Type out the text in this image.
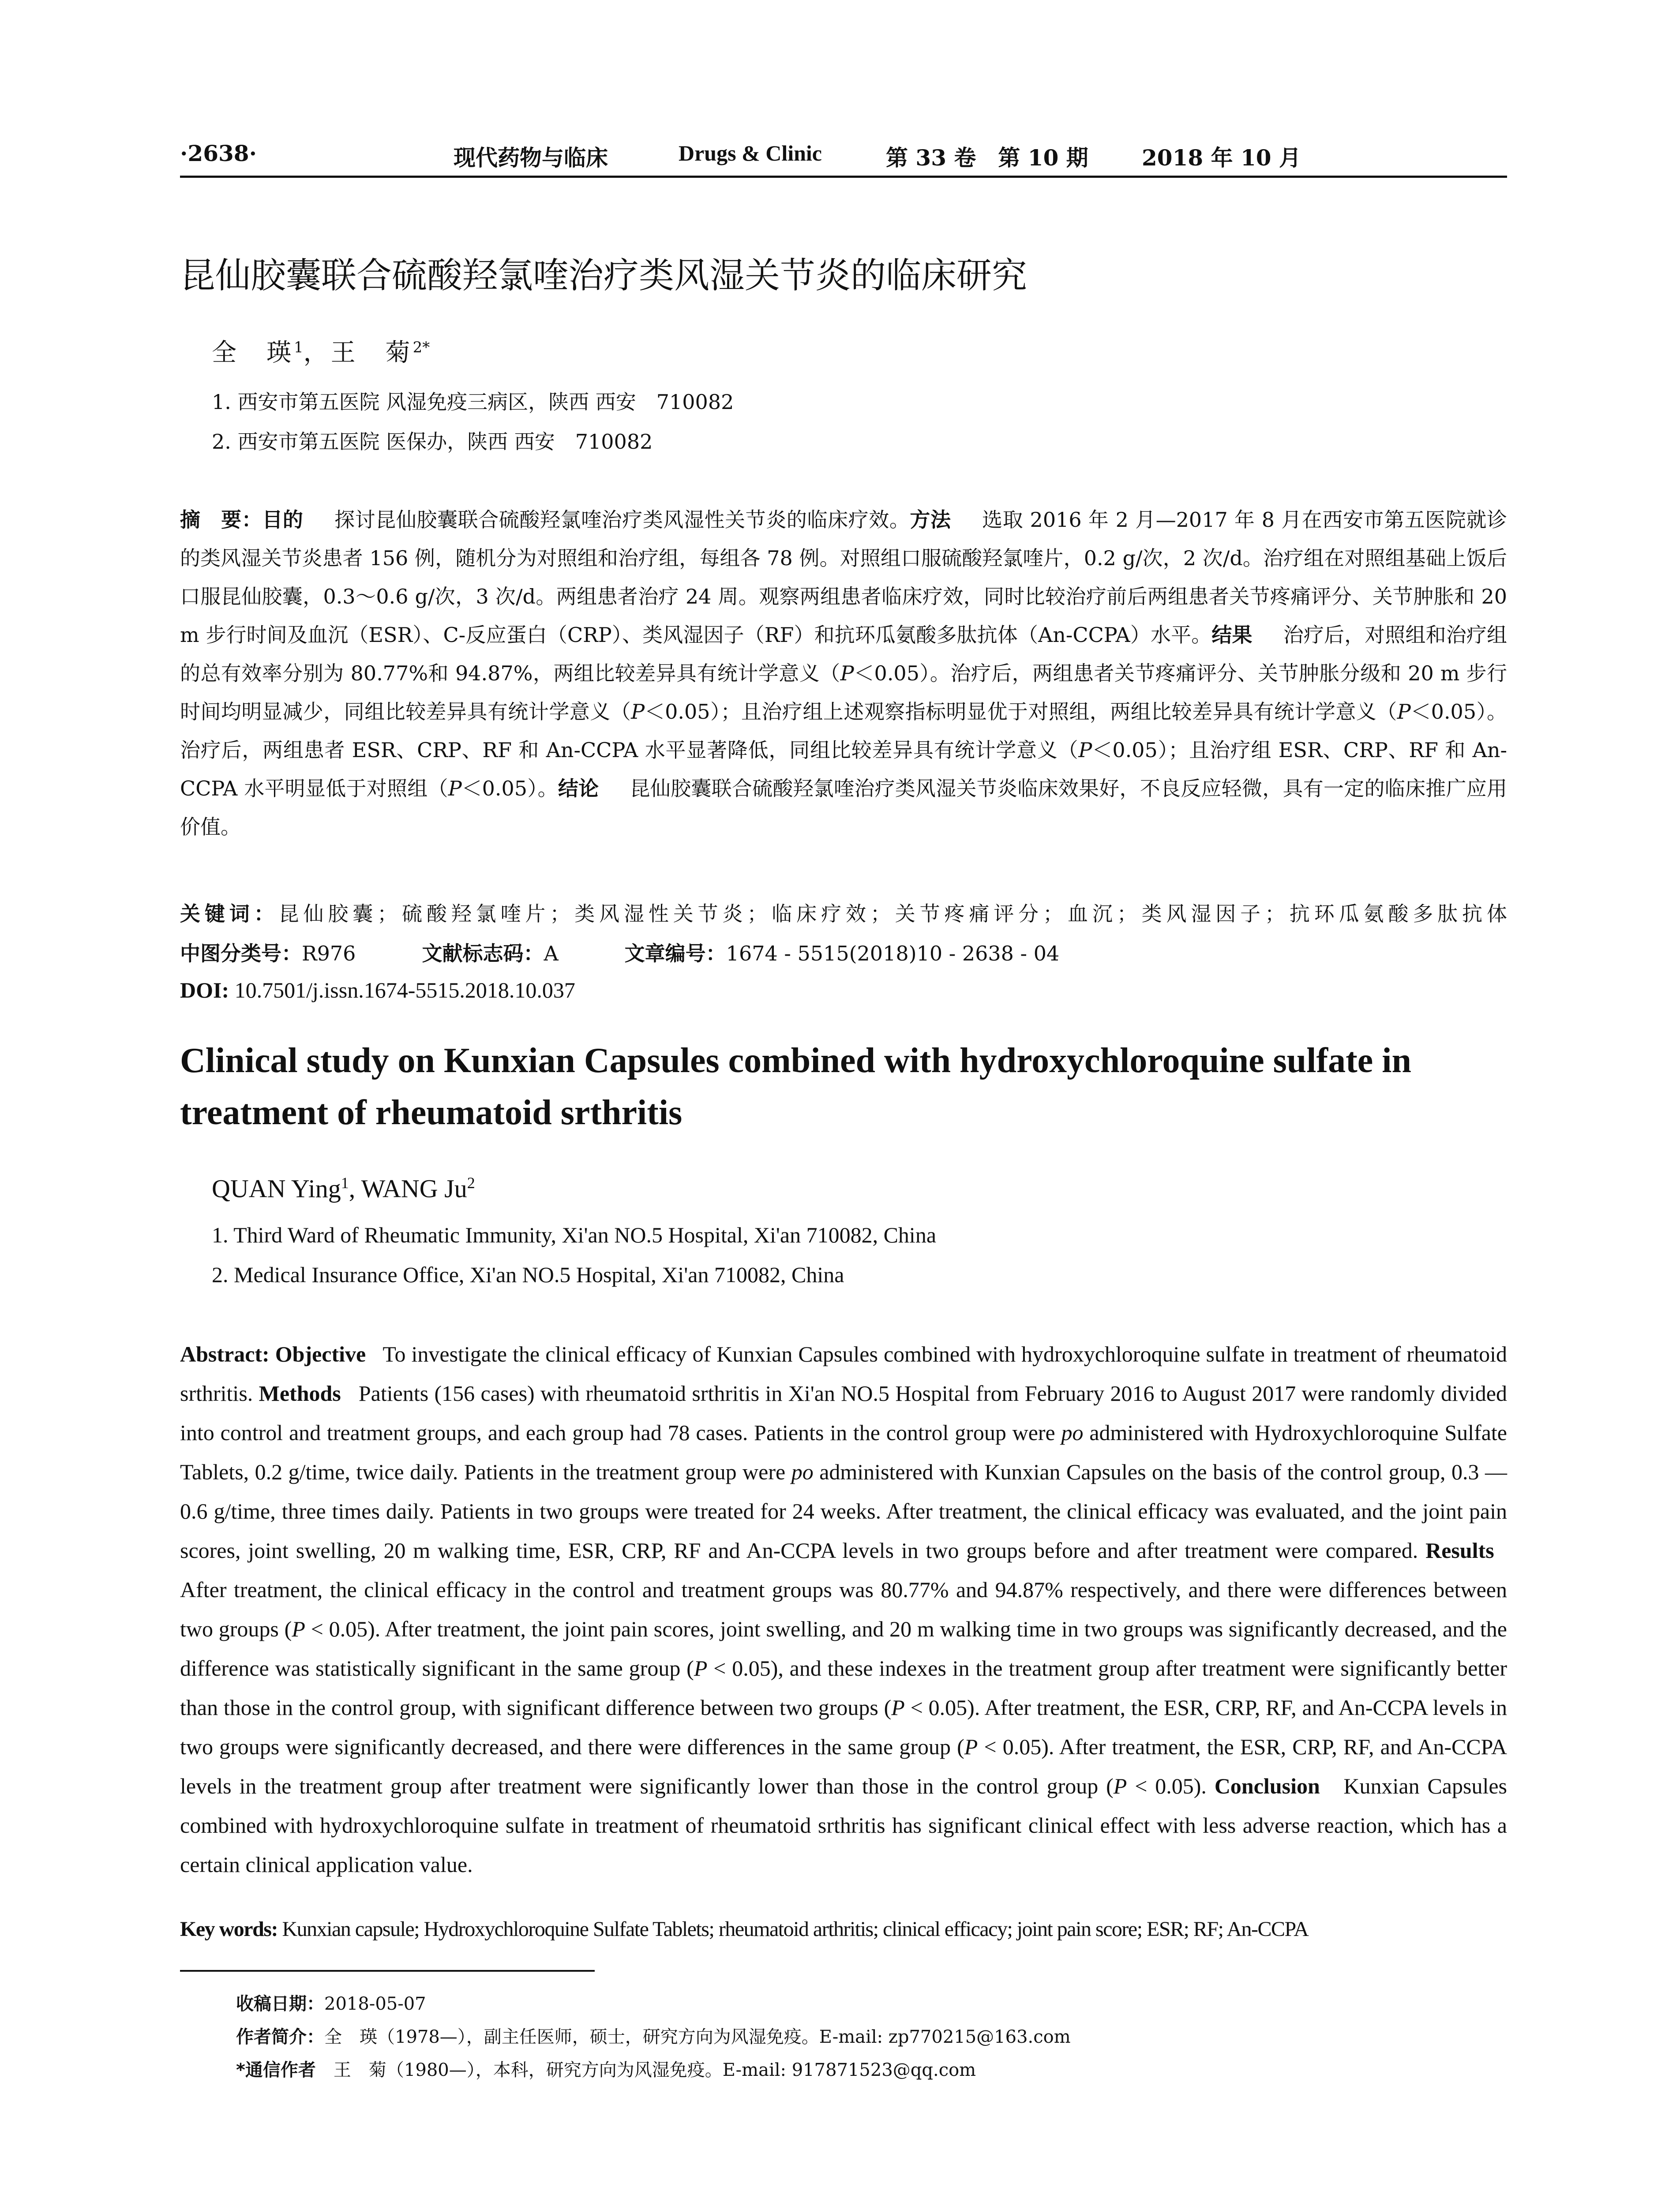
·2638·	现代药物与临床	Drugs & Clinic	第 33 卷　第 10 期 2018 年 10 月
昆仙胶囊联合硫酸羟氯喹治疗类风湿关节炎的临床研究
全　瑛$^1$，王　菊$^{2*}$
1. 西安市第五医院 风湿免疫三病区，陕西 西安　710082
2. 西安市第五医院 医保办，陕西 西安　710082
摘　要：目的 探讨昆仙胶囊联合硫酸羟氯喹治疗类风湿性关节炎的临床疗效。方法 选取 2016 年 2 月—2017 年 8 月在西安市第五医院就诊的类风湿关节炎患者 156 例，随机分为对照组和治疗组，每组各 78 例。对照组口服硫酸羟氯喹片，0.2 g/次，2 次/d。治疗组在对照组基础上饭后口服昆仙胶囊，0.3～0.6 g/次，3 次/d。两组患者治疗 24 周。观察两组患者临床疗效，同时比较治疗前后两组患者关节疼痛评分、关节肿胀和 20 m 步行时间及血沉（ESR）、C-反应蛋白（CRP）、类风湿因子（RF）和抗环瓜氨酸多肽抗体（An-CCPA）水平。结果 治疗后，对照组和治疗组的总有效率分别为 80.77%和 94.87%，两组比较差异具有统计学意义（P＜0.05）。治疗后，两组患者关节疼痛评分、关节肿胀分级和 20 m 步行时间均明显减少，同组比较差异具有统计学意义（P＜0.05）；且治疗组上述观察指标明显优于对照组，两组比较差异具有统计学意义（P＜0.05）。治疗后，两组患者 ESR、CRP、RF 和 An-CCPA 水平显著降低，同组比较差异具有统计学意义（P＜0.05）；且治疗组 ESR、CRP、RF 和 An-CCPA 水平明显低于对照组（P＜0.05）。结论 昆仙胶囊联合硫酸羟氯喹治疗类风湿关节炎临床效果好，不良反应轻微，具有一定的临床推广应用价值。
关键词：昆仙胶囊；硫酸羟氯喹片；类风湿性关节炎；临床疗效；关节疼痛评分；血沉；类风湿因子；抗环瓜氨酸多肽抗体
中图分类号：R976	文献标志码：A	文章编号：1674 - 5515(2018)10 - 2638 - 04
DOI: 10.7501/j.issn.1674-5515.2018.10.037
Clinical study on Kunxian Capsules combined with hydroxychloroquine sulfate in treatment of rheumatoid srthritis
QUAN Ying$^1$, WANG Ju$^2$
1. Third Ward of Rheumatic Immunity, Xi'an NO.5 Hospital, Xi'an 710082, China
2. Medical Insurance Office, Xi'an NO.5 Hospital, Xi'an 710082, China
Abstract: Objective To investigate the clinical efficacy of Kunxian Capsules combined with hydroxychloroquine sulfate in treatment of rheumatoid srthritis. Methods Patients (156 cases) with rheumatoid srthritis in Xi'an NO.5 Hospital from February 2016 to August 2017 were randomly divided into control and treatment groups, and each group had 78 cases. Patients in the control group were po administered with Hydroxychloroquine Sulfate Tablets, 0.2 g/time, twice daily. Patients in the treatment group were po administered with Kunxian Capsules on the basis of the control group, 0.3 — 0.6 g/time, three times daily. Patients in two groups were treated for 24 weeks. After treatment, the clinical efficacy was evaluated, and the joint pain scores, joint swelling, 20 m walking time, ESR, CRP, RF and An-CCPA levels in two groups before and after treatment were compared. Results   After treatment, the clinical efficacy in the control and treatment groups was 80.77% and 94.87% respectively, and there were differences between two groups (P < 0.05). After treatment, the joint pain scores, joint swelling, and 20 m walking time in two groups was significantly decreased, and the difference was statistically significant in the same group (P < 0.05), and these indexes in the treatment group after treatment were significantly better than those in the control group, with significant difference between two groups (P < 0.05). After treatment, the ESR, CRP, RF, and An-CCPA levels in two groups were significantly decreased, and there were differences in the same group (P < 0.05). After treatment, the ESR, CRP, RF, and An-CCPA levels in the treatment group after treatment were significantly lower than those in the control group (P < 0.05). Conclusion Kunxian Capsules combined with hydroxychloroquine sulfate in treatment of rheumatoid srthritis has significant clinical effect with less adverse reaction, which has a certain clinical application value.
Key words: Kunxian capsule; Hydroxychloroquine Sulfate Tablets; rheumatoid arthritis; clinical efficacy; joint pain score; ESR; RF; An-CCPA
收稿日期：2018-05-07
作者简介：全　瑛（1978—），副主任医师，硕士，研究方向为风湿免疫。E-mail: zp770215@163.com
*通信作者　 王　菊（1980—），本科，研究方向为风湿免疫。E-mail: 917871523@qq.com
